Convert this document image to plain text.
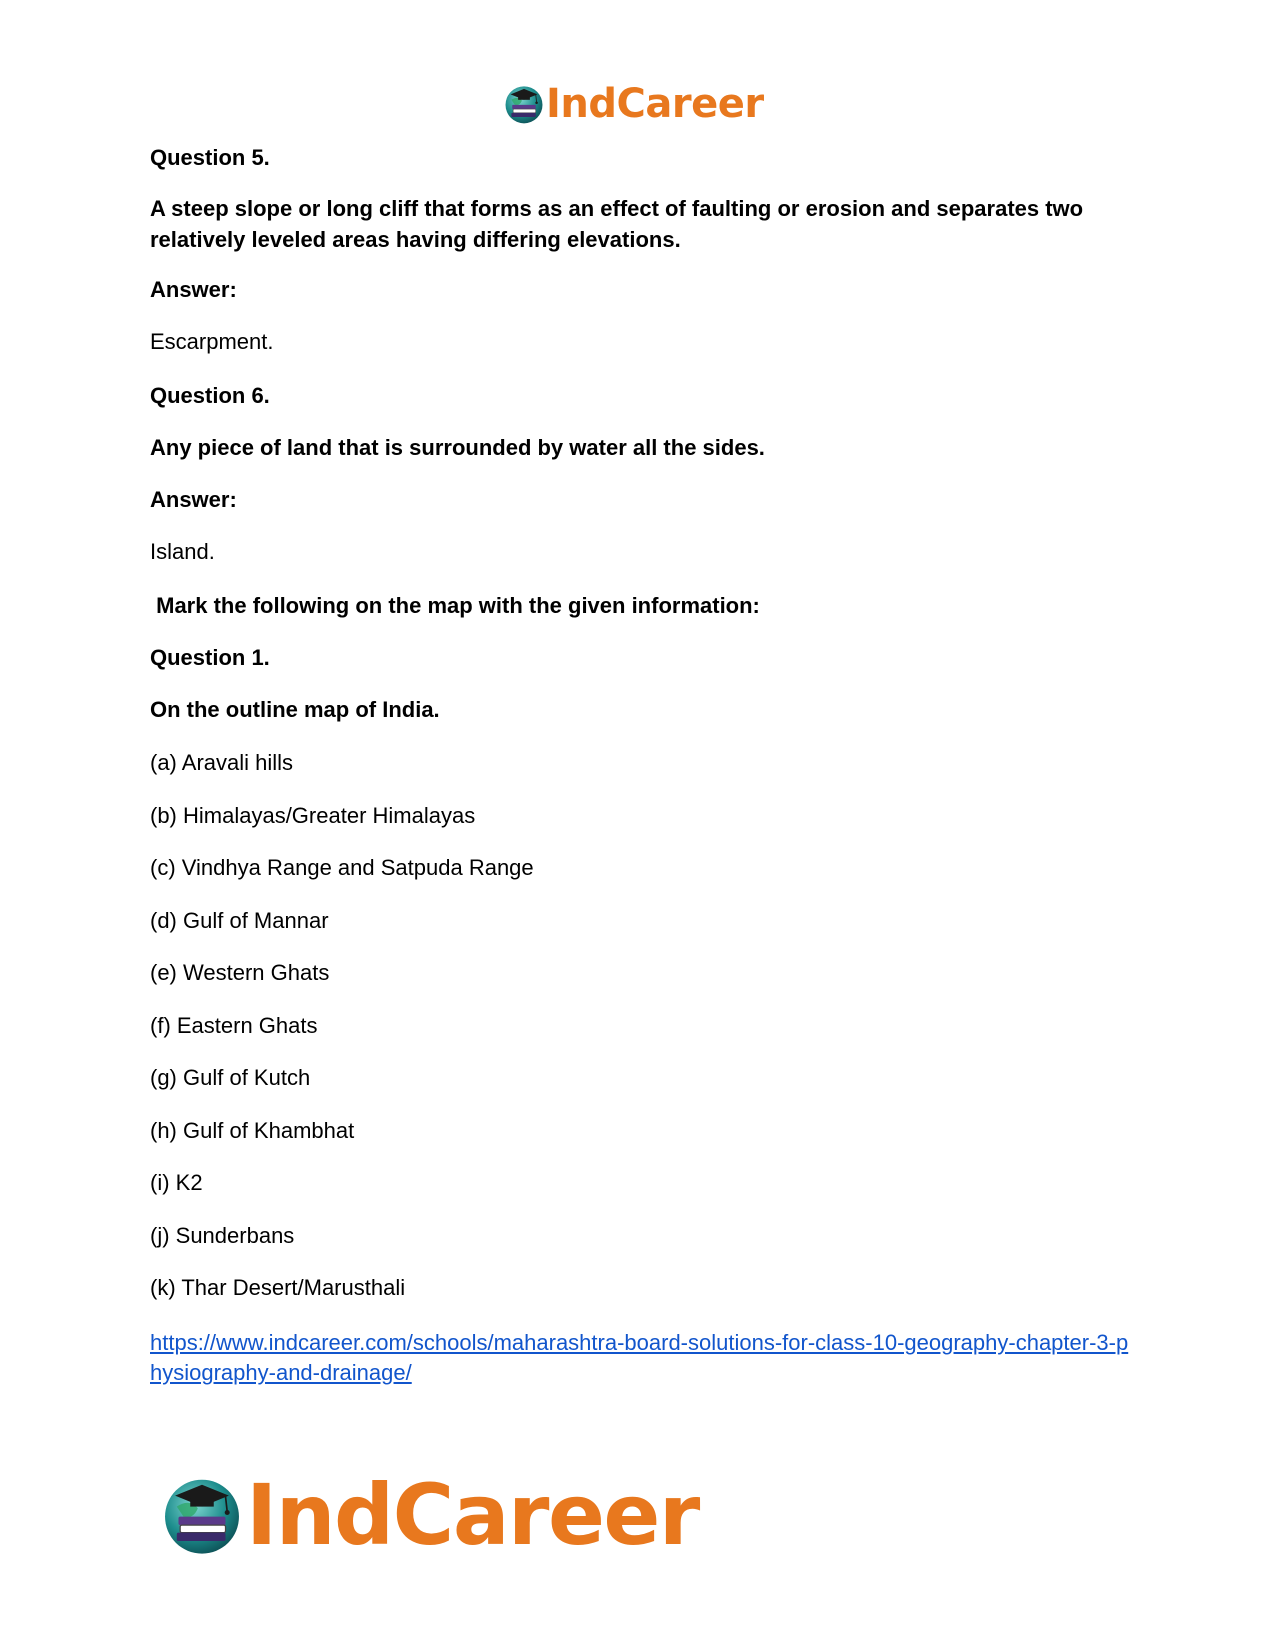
IndCareer
Question 5.
A steep slope or long cliff that forms as an effect of faulting or erosion and separates two relatively leveled areas having differing elevations.
Answer:
Escarpment.
Question 6.
Any piece of land that is surrounded by water all the sides.
Answer:
Island.
Mark the following on the map with the given information:
Question 1.
On the outline map of India.
(a) Aravali hills
(b) Himalayas/Greater Himalayas
(c) Vindhya Range and Satpuda Range
(d) Gulf of Mannar
(e) Western Ghats
(f) Eastern Ghats
(g) Gulf of Kutch
(h) Gulf of Khambhat
(i) K2
(j) Sunderbans
(k) Thar Desert/Marusthali
https://www.indcareer.com/schools/maharashtra-board-solutions-for-class-10-geography-chapter-3-physiography-and-drainage/
IndCareer
